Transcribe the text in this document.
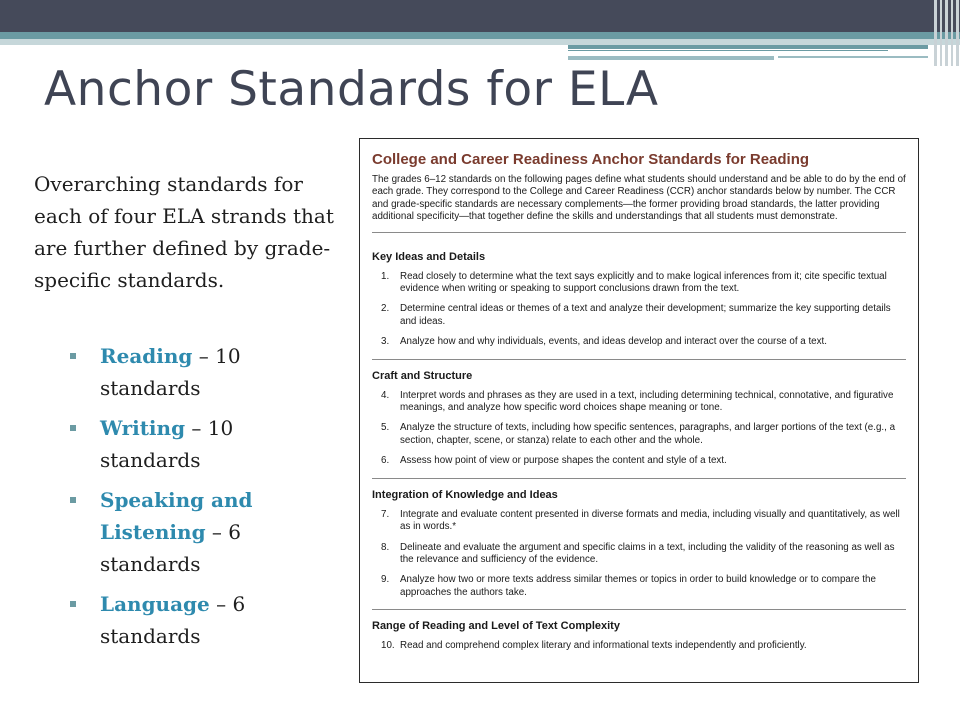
Anchor Standards for ELA

Overarching standards for each of four ELA strands that are further defined by grade-specific standards.

Reading – 10 standards
Writing – 10 standards
Speaking and Listening – 6 standards
Language – 6 standards
College and Career Readiness Anchor Standards for Reading
The grades 6–12 standards on the following pages define what students should understand and be able to do by the end of each grade. They correspond to the College and Career Readiness (CCR) anchor standards below by number. The CCR and grade-specific standards are necessary complements—the former providing broad standards, the latter providing additional specificity—that together define the skills and understandings that all students must demonstrate.
Key Ideas and Details
1.	Read closely to determine what the text says explicitly and to make logical inferences from it; cite specific textual evidence when writing or speaking to support conclusions drawn from the text.
2.	Determine central ideas or themes of a text and analyze their development; summarize the key supporting details and ideas.
3.	Analyze how and why individuals, events, and ideas develop and interact over the course of a text.
Craft and Structure
4.	Interpret words and phrases as they are used in a text, including determining technical, connotative, and figurative meanings, and analyze how specific word choices shape meaning or tone.
5.	Analyze the structure of texts, including how specific sentences, paragraphs, and larger portions of the text (e.g., a section, chapter, scene, or stanza) relate to each other and the whole.
6.	Assess how point of view or purpose shapes the content and style of a text.
Integration of Knowledge and Ideas
7.	Integrate and evaluate content presented in diverse formats and media, including visually and quantitatively, as well as in words.*
8.	Delineate and evaluate the argument and specific claims in a text, including the validity of the reasoning as well as the relevance and sufficiency of the evidence.
9.	Analyze how two or more texts address similar themes or topics in order to build knowledge or to compare the approaches the authors take.
Range of Reading and Level of Text Complexity
10. Read and comprehend complex literary and informational texts independently and proficiently.
